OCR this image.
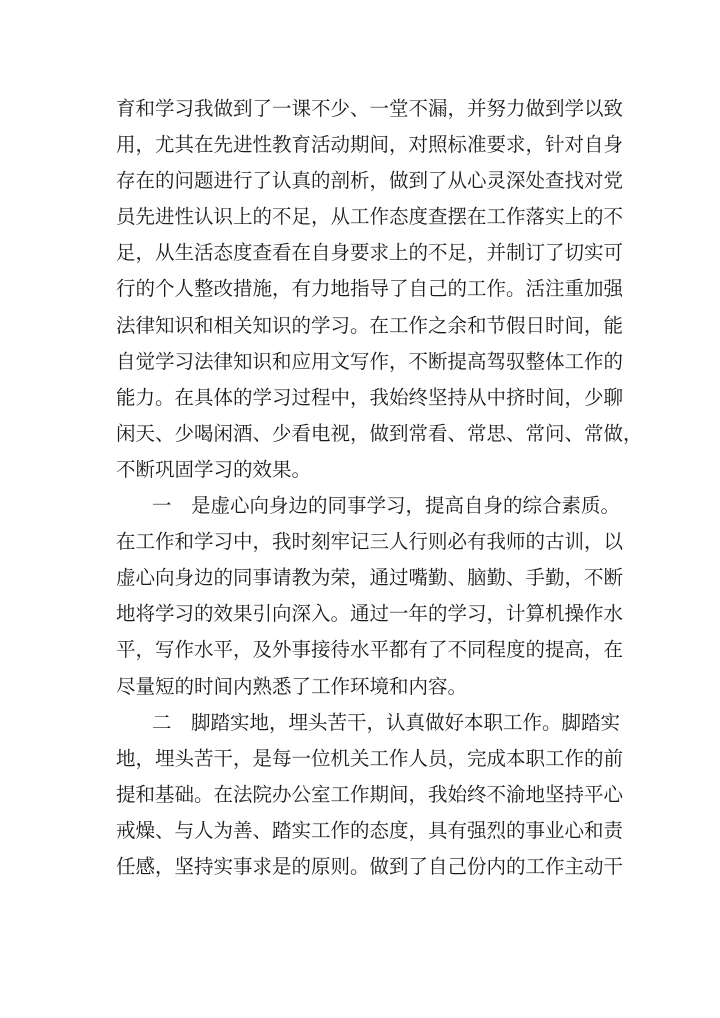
育和学习我做到了一课不少、一堂不漏，并努力做到学以致
用，尤其在先进性教育活动期间，对照标准要求，针对自身
存在的问题进行了认真的剖析，做到了从心灵深处查找对党
员先进性认识上的不足，从工作态度查摆在工作落实上的不
足，从生活态度查看在自身要求上的不足，并制订了切实可
行的个人整改措施，有力地指导了自己的工作。活注重加强
法律知识和相关知识的学习。在工作之余和节假日时间，能
自觉学习法律知识和应用文写作，不断提高驾驭整体工作的
能力。在具体的学习过程中，我始终坚持从中挤时间，少聊
闲天、少喝闲酒、少看电视，做到常看、常思、常问、常做，
不断巩固学习的效果。
一　是虚心向身边的同事学习，提高自身的综合素质。
在工作和学习中，我时刻牢记三人行则必有我师的古训，以
虚心向身边的同事请教为荣，通过嘴勤、脑勤、手勤，不断
地将学习的效果引向深入。通过一年的学习，计算机操作水
平，写作水平，及外事接待水平都有了不同程度的提高，在
尽量短的时间内熟悉了工作环境和内容。
二　脚踏实地，埋头苦干，认真做好本职工作。脚踏实
地，埋头苦干，是每一位机关工作人员，完成本职工作的前
提和基础。在法院办公室工作期间，我始终不渝地坚持平心
戒燥、与人为善、踏实工作的态度，具有强烈的事业心和责
任感，坚持实事求是的原则。做到了自己份内的工作主动干
